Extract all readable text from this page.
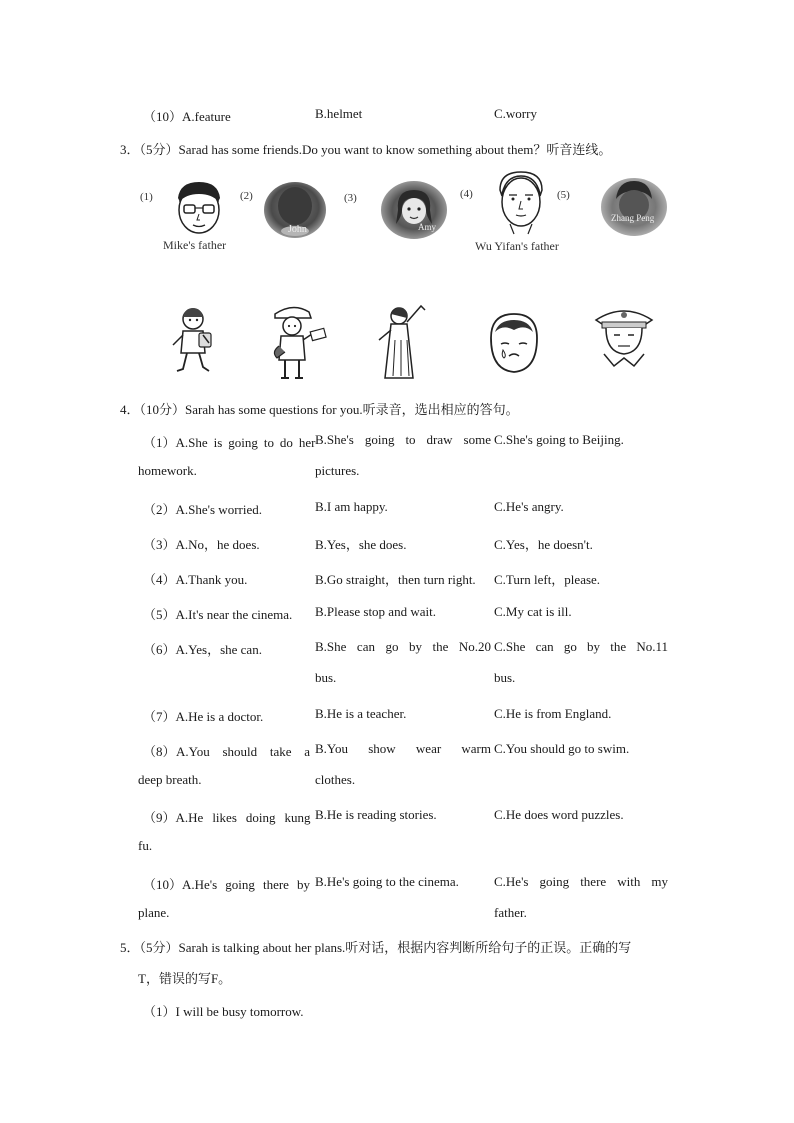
（10）A.feature	B.helmet	C.worry
3．（5分）Sarad has some friends.Do you want to know something about them？听音连线。
(1)	(2)	(3)	(4)	(5)
Mike's father
John	Amy
Wu Yifan's father
Zhang Peng
4．（10分）Sarah has some questions for you.听录音，选出相应的答句。
（1）A.She is going to do her
homework.
B.She's going to draw some
pictures.
C.She's going to Beijing.
（2）A.She's worried.	B.I am happy.	C.He's angry.
（3）A.No，he does.	B.Yes，she does.	C.Yes，he doesn't.
（4）A.Thank you.	B.Go straight，then turn right. C.Turn left，please.
（5）A.It's near the cinema. B.Please stop and wait.	C.My cat is ill.
（6）A.Yes，she can.	B.She can go by the No.20
bus.
C.She can go by the No.11
bus.
（7）A.He is a doctor.	B.He is a teacher.	C.He is from England.
（8）A.You should take a
deep breath.
B.You show wear warm
clothes.
C.You should go to swim.
（9）A.He likes doing kung
fu.
B.He is reading stories.	C.He does word puzzles.
（10）A.He's going there by
plane.
B.He's going to the cinema.	C.He's going there with my
father.
5．（5分）Sarah is talking about her plans.听对话，根据内容判断所给句子的正误。正确的写
T，错误的写F。
（1）I will be busy tomorrow.
